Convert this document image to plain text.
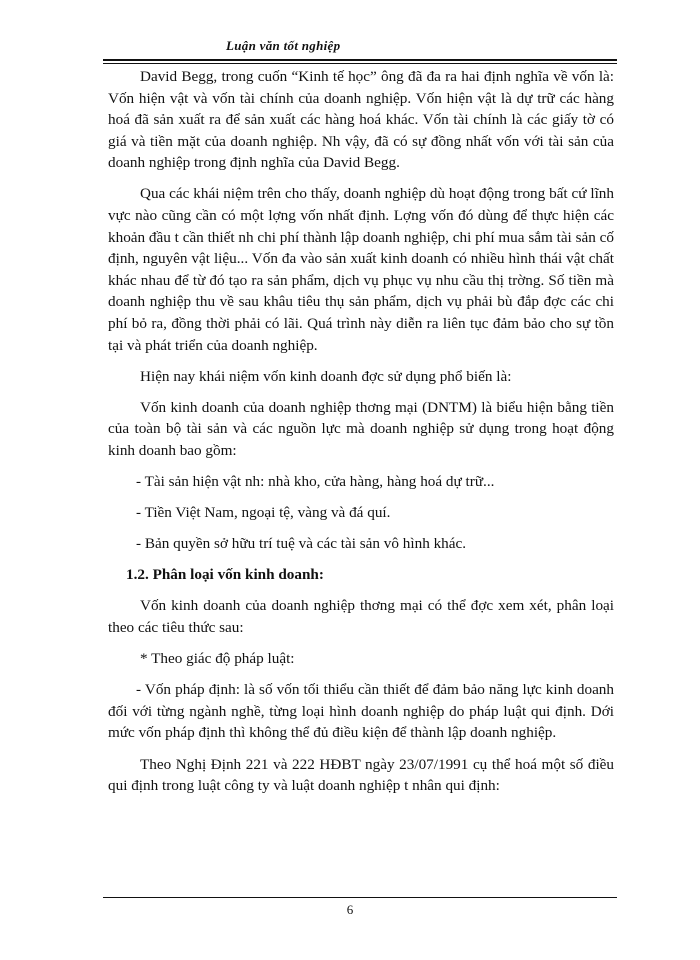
Luận văn tốt nghiệp

David Begg, trong cuốn “Kinh tế học” ông đã đa ra hai định nghĩa về vốn là: Vốn hiện vật và vốn tài chính của doanh nghiệp. Vốn hiện vật là dự trữ các hàng hoá đã sản xuất ra để sản xuất các hàng hoá khác. Vốn tài chính là các giấy tờ có giá và tiền mặt của doanh nghiệp. Nh vậy, đã có sự đồng nhất vốn với tài sản của doanh nghiệp trong định nghĩa của David Begg.

Qua các khái niệm trên cho thấy, doanh nghiệp dù hoạt động trong bất cứ lĩnh vực nào cũng cần có một lợng vốn nhất định. Lợng vốn đó dùng để thực hiện các khoản đầu t cần thiết nh chi phí thành lập doanh nghiệp, chi phí mua sắm tài sản cố định, nguyên vật liệu... Vốn đa vào sản xuất kinh doanh có nhiều hình thái vật chất khác nhau để từ đó tạo ra sản phẩm, dịch vụ phục vụ nhu cầu thị trờng. Số tiền mà doanh nghiệp thu về sau khâu tiêu thụ sản phẩm, dịch vụ phải bù đắp đợc các chi phí bỏ ra, đồng thời phải có lãi. Quá trình này diễn ra liên tục đảm bảo cho sự tồn tại và phát triển của doanh nghiệp.

Hiện nay khái niệm vốn kinh doanh đợc sử dụng phổ biến là:

Vốn kinh doanh của doanh nghiệp thơng mại (DNTM) là biểu hiện bằng tiền của toàn bộ tài sản và các nguồn lực mà doanh nghiệp sử dụng trong hoạt động kinh doanh bao gồm:

- Tài sản hiện vật nh: nhà kho, cửa hàng, hàng hoá dự trữ...

- Tiền Việt Nam, ngoại tệ, vàng và đá quí.

- Bản quyền sở hữu trí tuệ và các tài sản vô hình khác.

1.2. Phân loại vốn kinh doanh:

Vốn kinh doanh của doanh nghiệp thơng mại có thể đợc xem xét, phân loại theo các tiêu thức sau:

* Theo giác độ pháp luật:

- Vốn pháp định: là số vốn tối thiểu cần thiết để đảm bảo năng lực kinh doanh đối với từng ngành nghề, từng loại hình doanh nghiệp do pháp luật qui định. Dới mức vốn pháp định thì không thể đủ điều kiện để thành lập doanh nghiệp.

Theo Nghị Định 221 và 222 HĐBT ngày 23/07/1991 cụ thể hoá một số điều qui định trong luật công ty và luật doanh nghiệp t nhân qui định:

6
